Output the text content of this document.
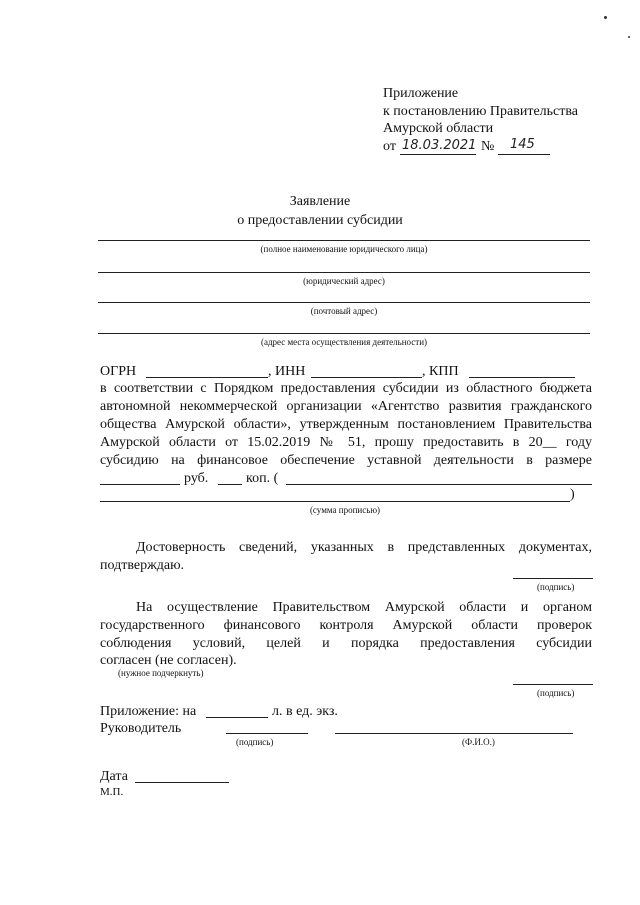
Приложение
к постановлению Правительства
Амурской области
от 18.03.2021 № 145
Заявление
о предоставлении субсидии
(полное наименование юридического лица)
(юридический адрес)
(почтовый адрес)
(адрес места осуществления деятельности)
ОГРН	, ИНН	, КПП
в соответствии с Порядком предоставления субсидии из областного бюджета
автономной некоммерческой организации «Агентство развития гражданского
общества Амурской области», утвержденным постановлением Правительства
Амурской области от 15.02.2019 № 51, прошу предоставить в 20__ году
субсидию на финансовое обеспечение уставной деятельности в размере
руб.	коп. (
)
(сумма прописью)
Достоверность сведений, указанных в представленных документах,
подтверждаю.
(подпись)
На осуществление Правительством Амурской области и органом
государственного финансового контроля Амурской области проверок
соблюдения условий, целей и порядка предоставления субсидии
согласен (не согласен).
(нужное подчеркнуть)
(подпись)
Приложение: на	л. в ед. экз.
Руководитель
(подпись)	(Ф.И.О.)
Дата
М.П.
